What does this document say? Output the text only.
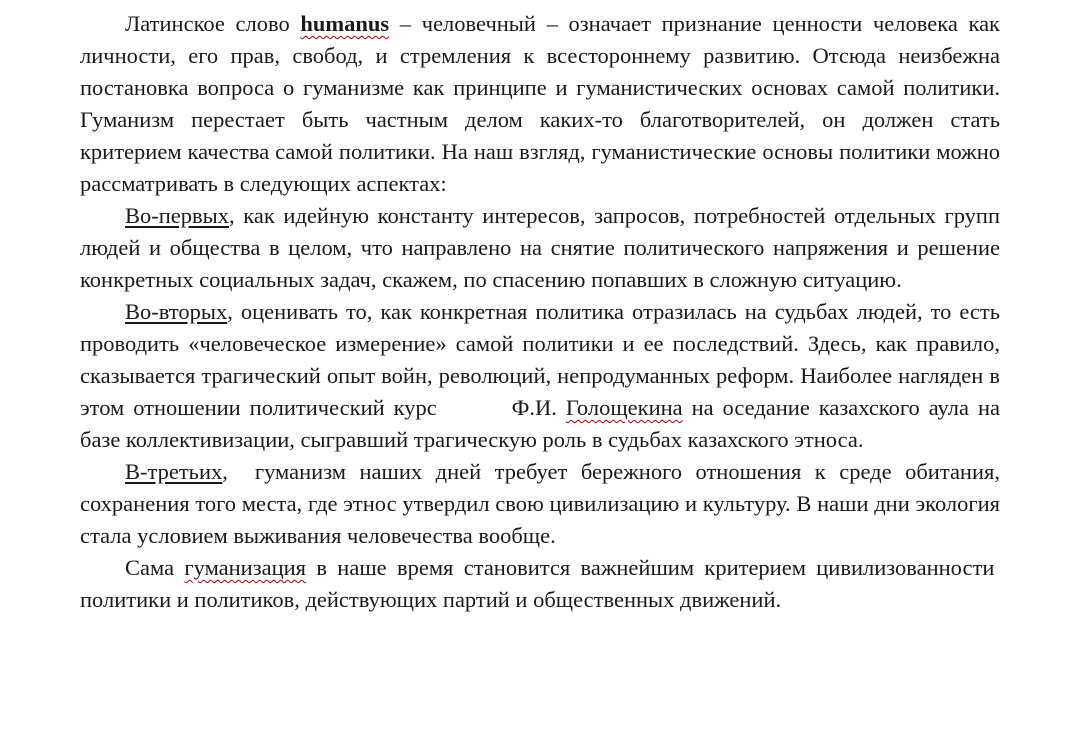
Латинское слово humanus – человечный – означает признание ценности человека как личности, его прав, свобод, и стремления к всестороннему развитию. Отсюда неизбежна постановка вопроса о гуманизме как принципе и гуманистических основах самой политики. Гуманизм перестает быть частным делом каких-то благотворителей, он должен стать критерием качества самой политики. На наш взгляд, гуманистические основы политики можно рассматривать в следующих аспектах:

Во-первых, как идейную константу интересов, запросов, потребностей отдельных групп людей и общества в целом, что направлено на снятие политического напряжения и решение конкретных социальных задач, скажем, по спасению попавших в сложную ситуацию.

Во-вторых, оценивать то, как конкретная политика отразилась на судьбах людей, то есть проводить «человеческое измерение» самой политики и ее последствий. Здесь, как правило, сказывается трагический опыт войн, революций, непродуманных реформ. Наиболее нагляден в этом отношении политический курс	Ф.И. Голощекина на оседание казахского аула на базе коллективизации, сыгравший трагическую роль в судьбах казахского этноса.

В-третьих,  гуманизм наших дней требует бережного отношения к среде обитания, сохранения того места, где этнос утвердил свою цивилизацию и культуру. В наши дни экология стала условием выживания человечества вообще.

Сама гуманизация в наше время становится важнейшим критерием цивилизованности  политики и политиков, действующих партий и общественных движений.
